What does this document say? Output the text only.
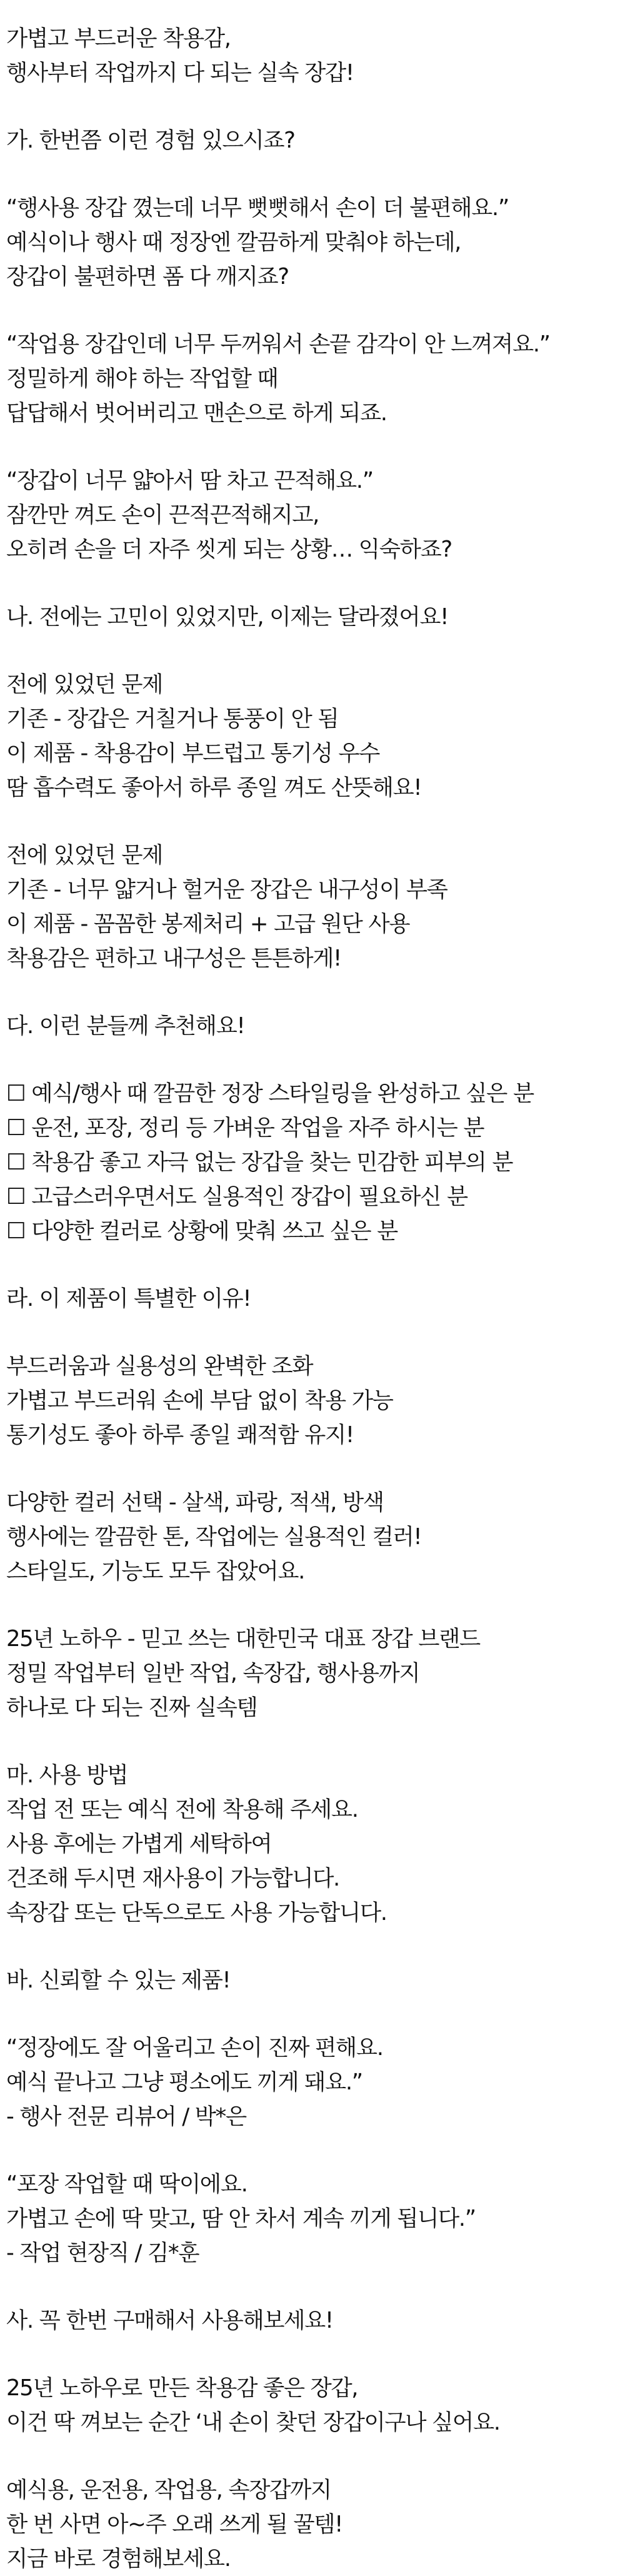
가볍고 부드러운 착용감,
행사부터 작업까지 다 되는 실속 장갑!
가. 한번쯤 이런 경험 있으시죠?
“행사용 장갑 꼈는데 너무 뻣뻣해서 손이 더 불편해요.”
예식이나 행사 때 정장엔 깔끔하게 맞춰야 하는데,
장갑이 불편하면 폼 다 깨지죠?
“작업용 장갑인데 너무 두꺼워서 손끝 감각이 안 느껴져요.”
정밀하게 해야 하는 작업할 때
답답해서 벗어버리고 맨손으로 하게 되죠.
“장갑이 너무 얇아서 땀 차고 끈적해요.”
잠깐만 껴도 손이 끈적끈적해지고,
오히려 손을 더 자주 씻게 되는 상황… 익숙하죠?
나. 전에는 고민이 있었지만, 이제는 달라졌어요!
전에 있었던 문제
기존 - 장갑은 거칠거나 통풍이 안 됨
이 제품 - 착용감이 부드럽고 통기성 우수
땀 흡수력도 좋아서 하루 종일 껴도 산뜻해요!
전에 있었던 문제
기존 - 너무 얇거나 헐거운 장갑은 내구성이 부족
이 제품 - 꼼꼼한 봉제처리 + 고급 원단 사용
착용감은 편하고 내구성은 튼튼하게!
다. 이런 분들께 추천해요!
☐ 예식/행사 때 깔끔한 정장 스타일링을 완성하고 싶은 분
☐ 운전, 포장, 정리 등 가벼운 작업을 자주 하시는 분
☐ 착용감 좋고 자극 없는 장갑을 찾는 민감한 피부의 분
☐ 고급스러우면서도 실용적인 장갑이 필요하신 분
☐ 다양한 컬러로 상황에 맞춰 쓰고 싶은 분
라. 이 제품이 특별한 이유!
부드러움과 실용성의 완벽한 조화
가볍고 부드러워 손에 부담 없이 착용 가능
통기성도 좋아 하루 종일 쾌적함 유지!
다양한 컬러 선택 - 살색, 파랑, 적색, 방색
행사에는 깔끔한 톤, 작업에는 실용적인 컬러!
스타일도, 기능도 모두 잡았어요.
25년 노하우 - 믿고 쓰는 대한민국 대표 장갑 브랜드
정밀 작업부터 일반 작업, 속장갑, 행사용까지
하나로 다 되는 진짜 실속템
마. 사용 방법
작업 전 또는 예식 전에 착용해 주세요.
사용 후에는 가볍게 세탁하여
건조해 두시면 재사용이 가능합니다.
속장갑 또는 단독으로도 사용 가능합니다.
바. 신뢰할 수 있는 제품!
“정장에도 잘 어울리고 손이 진짜 편해요.
예식 끝나고 그냥 평소에도 끼게 돼요.”
- 행사 전문 리뷰어 / 박*은
“포장 작업할 때 딱이에요.
가볍고 손에 딱 맞고, 땀 안 차서 계속 끼게 됩니다.”
- 작업 현장직 / 김*훈
사. 꼭 한번 구매해서 사용해보세요!
25년 노하우로 만든 착용감 좋은 장갑,
이건 딱 껴보는 순간 ‘내 손이 찾던 장갑이구나 싶어요.
예식용, 운전용, 작업용, 속장갑까지
한 번 사면 아~주 오래 쓰게 될 꿀템!
지금 바로 경험해보세요.
